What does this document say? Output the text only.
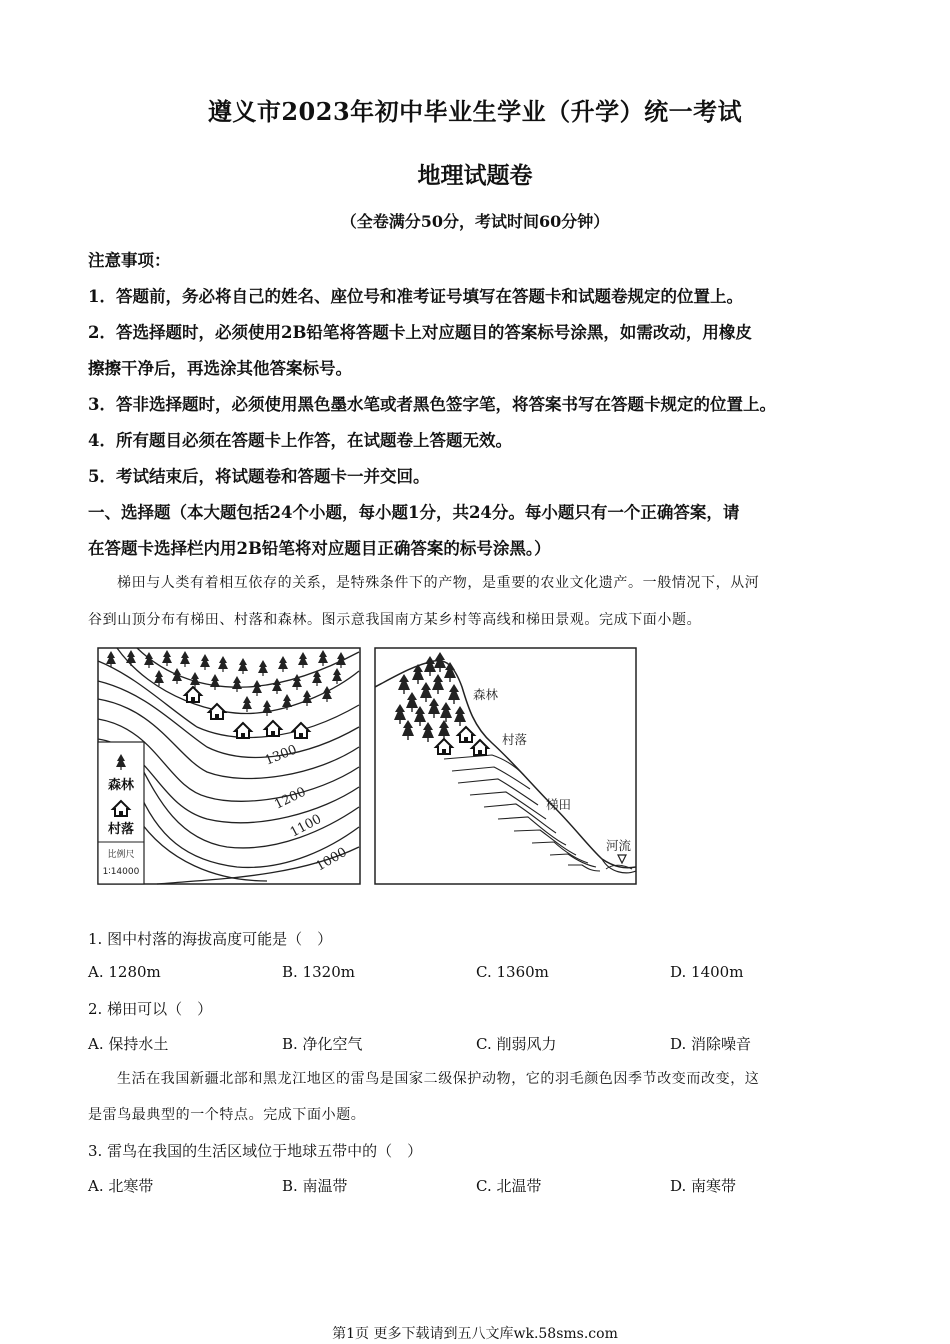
遵义市2023年初中毕业生学业（升学）统一考试
地理试题卷
（全卷满分50分，考试时间60分钟）
注意事项：
1．答题前，务必将自己的姓名、座位号和准考证号填写在答题卡和试题卷规定的位置上。
2．答选择题时，必须使用2B铅笔将答题卡上对应题目的答案标号涂黑，如需改动，用橡皮
擦擦干净后，再选涂其他答案标号。
3．答非选择题时，必须使用黑色墨水笔或者黑色签字笔，将答案书写在答题卡规定的位置上。
4．所有题目必须在答题卡上作答，在试题卷上答题无效。
5．考试结束后，将试题卷和答题卡一并交回。
一、选择题（本大题包括24个小题，每小题1分，共24分。每小题只有一个正确答案，请
在答题卡选择栏内用2B铅笔将对应题目正确答案的标号涂黑。）
梯田与人类有着相互依存的关系，是特殊条件下的产物，是重要的农业文化遗产。一般情况下，从河
谷到山顶分布有梯田、村落和森林。图示意我国南方某乡村等高线和梯田景观。完成下面小题。
1300
1200
1100
1000
森林
村落
比例尺
1∶14000
森林
村落
梯田
河流
1. 图中村落的海拔高度可能是（　）
A. 1280m	B. 1320m	C. 1360m	D. 1400m
2. 梯田可以（　）
A. 保持水土	B. 净化空气	C. 削弱风力	D. 消除噪音
生活在我国新疆北部和黑龙江地区的雷鸟是国家二级保护动物，它的羽毛颜色因季节改变而改变，这
是雷鸟最典型的一个特点。完成下面小题。
3. 雷鸟在我国的生活区域位于地球五带中的（　）
A. 北寒带	B. 南温带	C. 北温带	D. 南寒带
第1页 更多下载请到五八文库wk.58sms.com
